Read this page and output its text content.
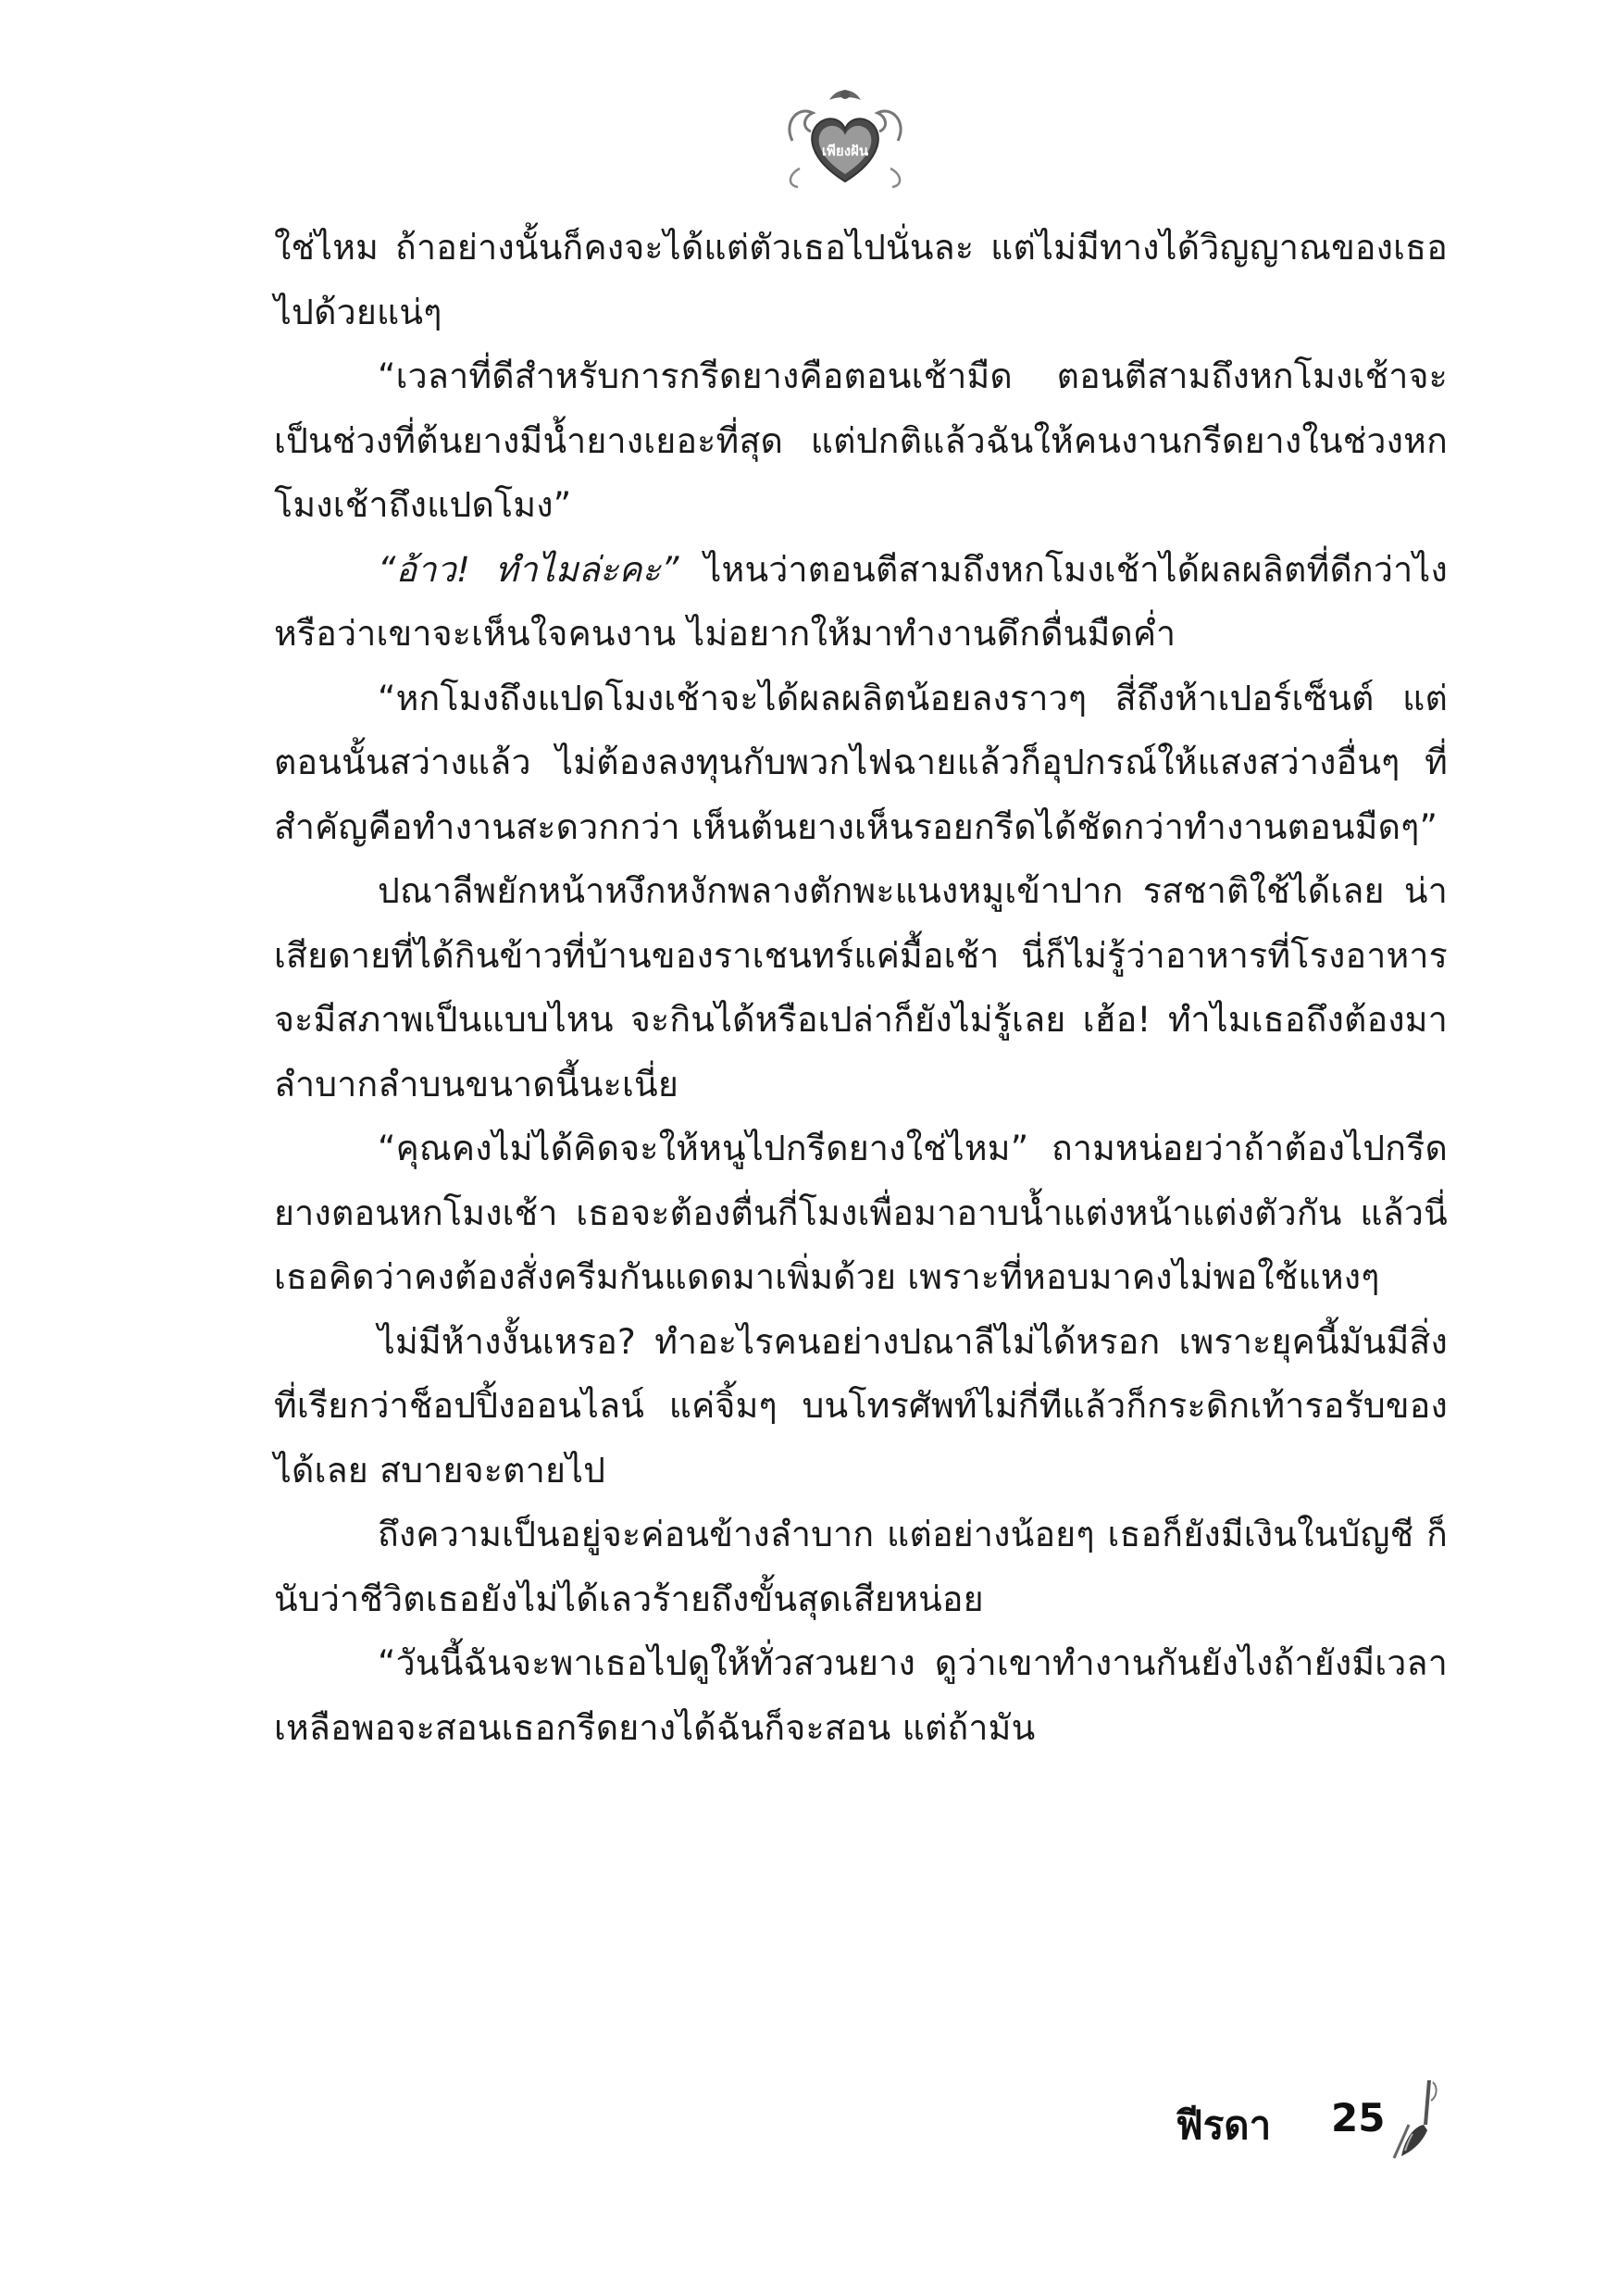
เพียงฝัน

ใช่ไหม ถ้าอย่างนั้นก็คงจะได้แต่ตัวเธอไปนั่นละ แต่ไม่มีทางได้วิญญาณของเธอไปด้วยแน่ๆ

“เวลาที่ดีสำหรับการกรีดยางคือตอนเช้ามืด ตอนตีสามถึงหกโมงเช้าจะเป็นช่วงที่ต้นยางมีน้ำยางเยอะที่สุด แต่ปกติแล้วฉันให้คนงานกรีดยางในช่วงหกโมงเช้าถึงแปดโมง”

“อ้าว! ทำไมล่ะคะ” ไหนว่าตอนตีสามถึงหกโมงเช้าได้ผลผลิตที่ดีกว่าไง หรือว่าเขาจะเห็นใจคนงาน ไม่อยากให้มาทำงานดึกดื่นมืดค่ำ

“หกโมงถึงแปดโมงเช้าจะได้ผลผลิตน้อยลงราวๆ สี่ถึงห้าเปอร์เซ็นต์ แต่ตอนนั้นสว่างแล้ว ไม่ต้องลงทุนกับพวกไฟฉายแล้วก็อุปกรณ์ให้แสงสว่างอื่นๆ ที่สำคัญคือทำงานสะดวกกว่า เห็นต้นยางเห็นรอยกรีดได้ชัดกว่าทำงานตอนมืดๆ”

ปณาลีพยักหน้าหงึกหงักพลางตักพะแนงหมูเข้าปาก รสชาติใช้ได้เลย น่าเสียดายที่ได้กินข้าวที่บ้านของราเชนทร์แค่มื้อเช้า นี่ก็ไม่รู้ว่าอาหารที่โรงอาหารจะมีสภาพเป็นแบบไหน จะกินได้หรือเปล่าก็ยังไม่รู้เลย เฮ้อ! ทำไมเธอถึงต้องมาลำบากลำบนขนาดนี้นะเนี่ย

“คุณคงไม่ได้คิดจะให้หนูไปกรีดยางใช่ไหม” ถามหน่อยว่าถ้าต้องไปกรีดยางตอนหกโมงเช้า เธอจะต้องตื่นกี่โมงเพื่อมาอาบน้ำแต่งหน้าแต่งตัวกัน แล้วนี่เธอคิดว่าคงต้องสั่งครีมกันแดดมาเพิ่มด้วย เพราะที่หอบมาคงไม่พอใช้แหงๆ

ไม่มีห้างงั้นเหรอ? ทำอะไรคนอย่างปณาลีไม่ได้หรอก เพราะยุคนี้มันมีสิ่งที่เรียกว่าช็อปปิ้งออนไลน์ แค่จิ้มๆ บนโทรศัพท์ไม่กี่ทีแล้วก็กระดิกเท้ารอรับของได้เลย สบายจะตายไป

ถึงความเป็นอยู่จะค่อนข้างลำบาก แต่อย่างน้อยๆ เธอก็ยังมีเงินในบัญชี ก็นับว่าชีวิตเธอยังไม่ได้เลวร้ายถึงขั้นสุดเสียหน่อย

“วันนี้ฉันจะพาเธอไปดูให้ทั่วสวนยาง ดูว่าเขาทำงานกันยังไงถ้ายังมีเวลาเหลือพอจะสอนเธอกรีดยางได้ฉันก็จะสอน แต่ถ้ามัน

ฟีรดา 25
